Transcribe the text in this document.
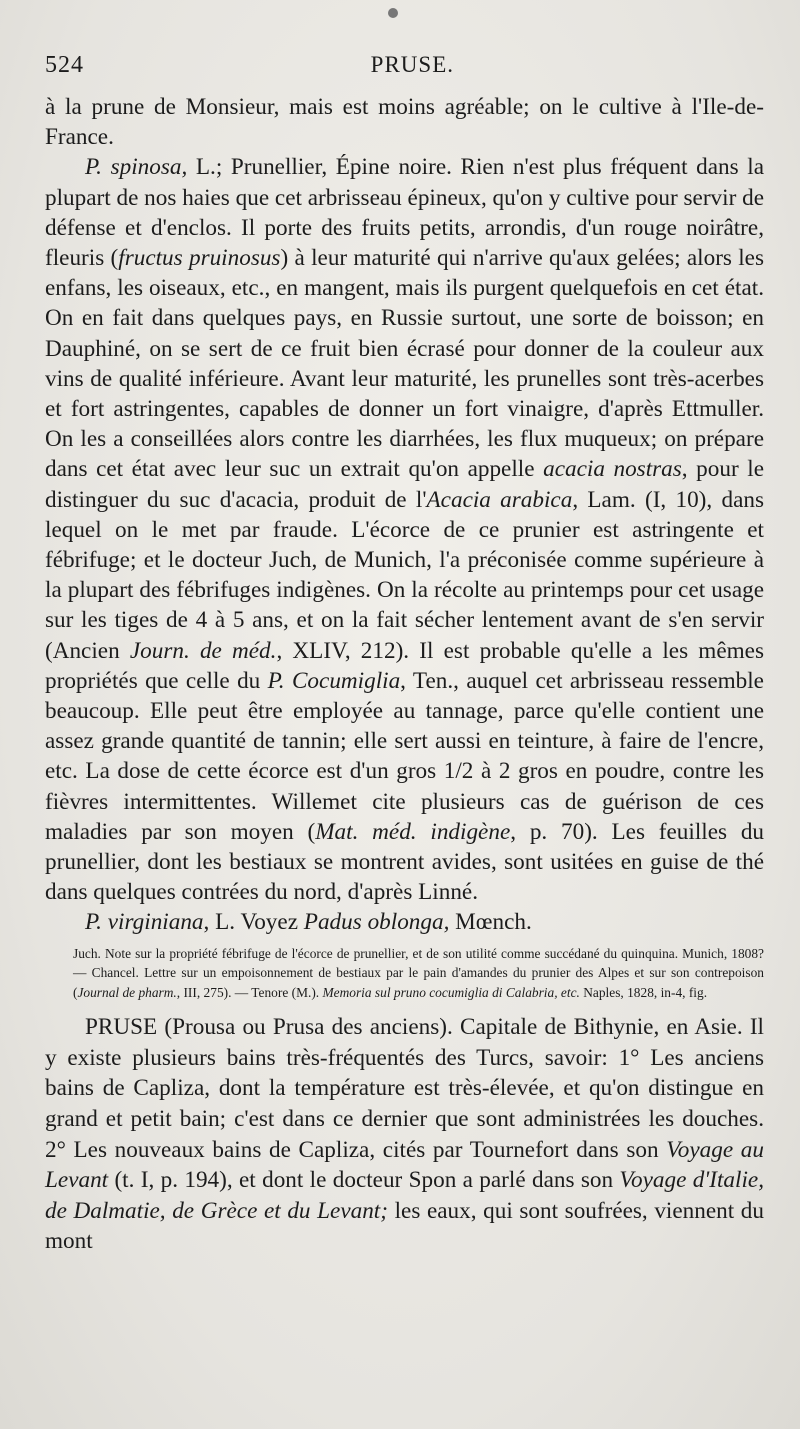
524	PRUSE.

à la prune de Monsieur, mais est moins agréable; on le cultive à l'Ile-de-France.

P. spinosa, L.; Prunellier, Épine noire. Rien n'est plus fréquent dans la plupart de nos haies que cet arbrisseau épineux, qu'on y cultive pour servir de défense et d'enclos. Il porte des fruits petits, arrondis, d'un rouge noirâtre, fleuris (fructus pruinosus) à leur maturité qui n'arrive qu'aux gelées; alors les enfans, les oiseaux, etc., en mangent, mais ils purgent quelquefois en cet état. On en fait dans quelques pays, en Russie surtout, une sorte de boisson; en Dauphiné, on se sert de ce fruit bien écrasé pour donner de la couleur aux vins de qualité inférieure. Avant leur maturité, les prunelles sont très-acerbes et fort astringentes, capables de donner un fort vinaigre, d'après Ettmuller. On les a conseillées alors contre les diarrhées, les flux muqueux; on prépare dans cet état avec leur suc un extrait qu'on appelle acacia nostras, pour le distinguer du suc d'acacia, produit de l'Acacia arabica, Lam. (I, 10), dans lequel on le met par fraude. L'écorce de ce prunier est astringente et fébrifuge; et le docteur Juch, de Munich, l'a préconisée comme supérieure à la plupart des fébrifuges indigènes. On la récolte au printemps pour cet usage sur les tiges de 4 à 5 ans, et on la fait sécher lentement avant de s'en servir (Ancien Journ. de méd., XLIV, 212). Il est probable qu'elle a les mêmes propriétés que celle du P. Cocumiglia, Ten., auquel cet arbrisseau ressemble beaucoup. Elle peut être employée au tannage, parce qu'elle contient une assez grande quantité de tannin; elle sert aussi en teinture, à faire de l'encre, etc. La dose de cette écorce est d'un gros 1/2 à 2 gros en poudre, contre les fièvres intermittentes. Willemet cite plusieurs cas de guérison de ces maladies par son moyen (Mat. méd. indigène, p. 70). Les feuilles du prunellier, dont les bestiaux se montrent avides, sont usitées en guise de thé dans quelques contrées du nord, d'après Linné.

P. virginiana, L. Voyez Padus oblonga, Mœnch.

Juch. Note sur la propriété fébrifuge de l'écorce de prunellier, et de son utilité comme succédané du quinquina. Munich, 1808? — Chancel. Lettre sur un empoisonnement de bestiaux par le pain d'amandes du prunier des Alpes et sur son contrepoison (Journal de pharm., III, 275). — Tenore (M.). Memoria sul pruno cocumiglia di Calabria, etc. Naples, 1828, in-4, fig.

PRUSE (Prousa ou Prusa des anciens). Capitale de Bithynie, en Asie. Il y existe plusieurs bains très-fréquentés des Turcs, savoir: 1° Les anciens bains de Capliza, dont la température est très-élevée, et qu'on distingue en grand et petit bain; c'est dans ce dernier que sont administrées les douches. 2° Les nouveaux bains de Capliza, cités par Tournefort dans son Voyage au Levant (t. I, p. 194), et dont le docteur Spon a parlé dans son Voyage d'Italie, de Dalmatie, de Grèce et du Levant; les eaux, qui sont soufrées, viennent du mont
